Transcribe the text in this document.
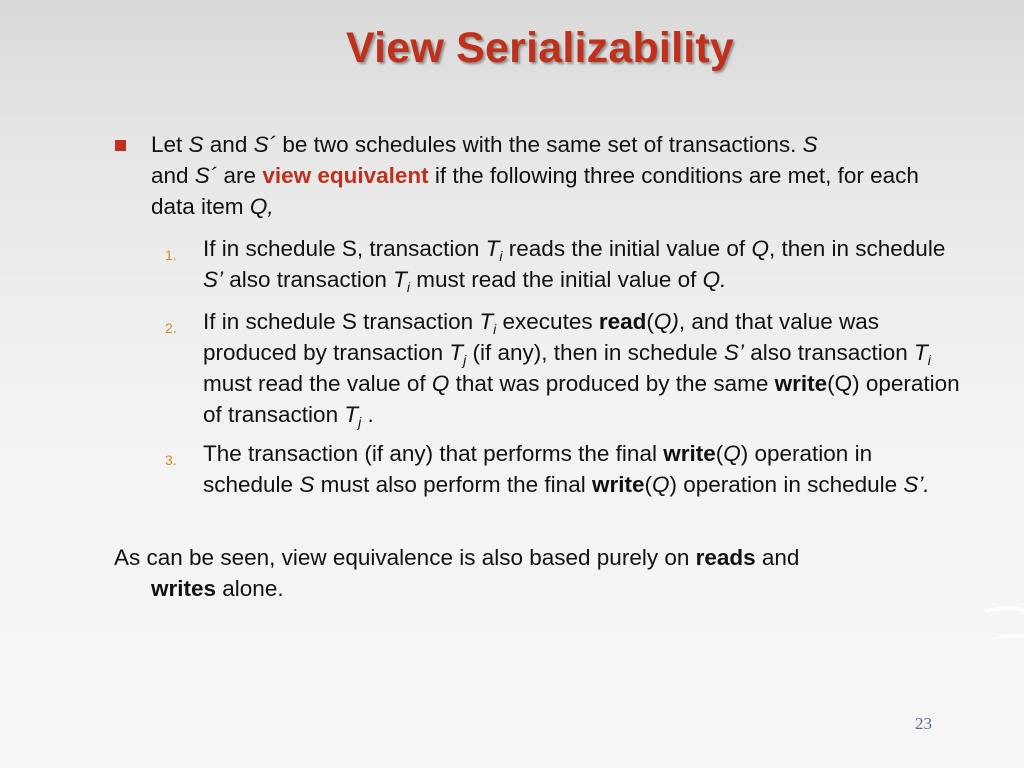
View Serializability
Let S and S´ be two schedules with the same set of transactions. S
and S´ are view equivalent if the following three conditions are met, for each data item Q,
1. If in schedule S, transaction $T_i$ reads the initial value of Q, then in schedule S’ also transaction $T_i$ must read the initial value of Q.
2. If in schedule S transaction $T_i$ executes read(Q), and that value was produced by transaction $T_j$ (if any), then in schedule S’ also transaction $T_i$ must read the value of Q that was produced by the same write(Q) operation of transaction $T_j$ .
3. The transaction (if any) that performs the final write(Q) operation in schedule S must also perform the final write(Q) operation in schedule S’.
As can be seen, view equivalence is also based purely on reads and
writes alone.
23
